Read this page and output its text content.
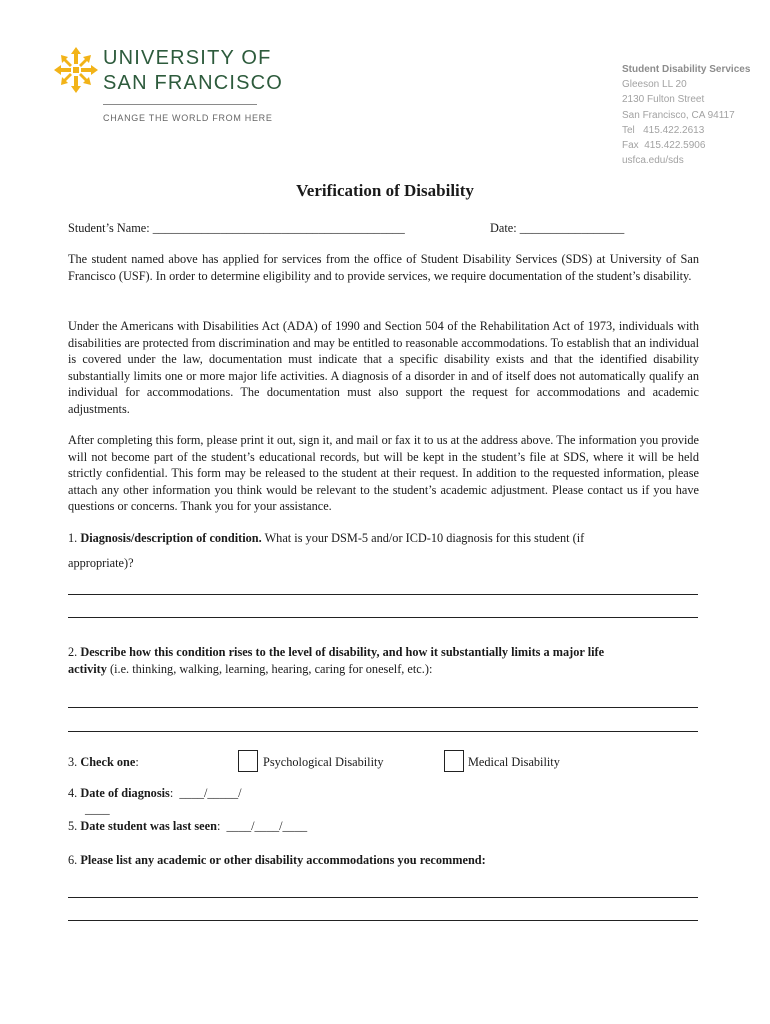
UNIVERSITY OF
SAN FRANCISCO
CHANGE THE WORLD FROM HERE
Student Disability Services
Gleeson LL 20
2130 Fulton Street
San Francisco, CA 94117
Tel   415.422.2613
Fax  415.422.5906
usfca.edu/sds
Verification of Disability
Student’s Name: _________________________________________	Date: _________________
The student named above has applied for services from the office of Student Disability Services (SDS) at University of San Francisco (USF). In order to determine eligibility and to provide services, we require documentation of the student’s disability.
Under the Americans with Disabilities Act (ADA) of 1990 and Section 504 of the Rehabilitation Act of 1973, individuals with disabilities are protected from discrimination and may be entitled to reasonable accommodations. To establish that an individual is covered under the law, documentation must indicate that a specific disability exists and that the identified disability substantially limits one or more major life activities. A diagnosis of a disorder in and of itself does not automatically qualify an individual for accommodations. The documentation must also support the request for accommodations and academic adjustments.
After completing this form, please print it out, sign it, and mail or fax it to us at the address above. The information you provide will not become part of the student’s educational records, but will be kept in the student’s file at SDS, where it will be held strictly confidential. This form may be released to the student at their request. In addition to the requested information, please attach any other information you think would be relevant to the student’s academic adjustment. Please contact us if you have questions or concerns. Thank you for your assistance.
1. Diagnosis/description of condition. What is your DSM-5 and/or ICD-10 diagnosis for this student (if
appropriate)?
2. Describe how this condition rises to the level of disability, and how it substantially limits a major life
activity (i.e. thinking, walking, learning, hearing, caring for oneself, etc.):
3. Check one:	Psychological Disability	Medical Disability
4. Date of diagnosis:  ____/_____/
____
5. Date student was last seen:  ____/____/____
6. Please list any academic or other disability accommodations you recommend:
